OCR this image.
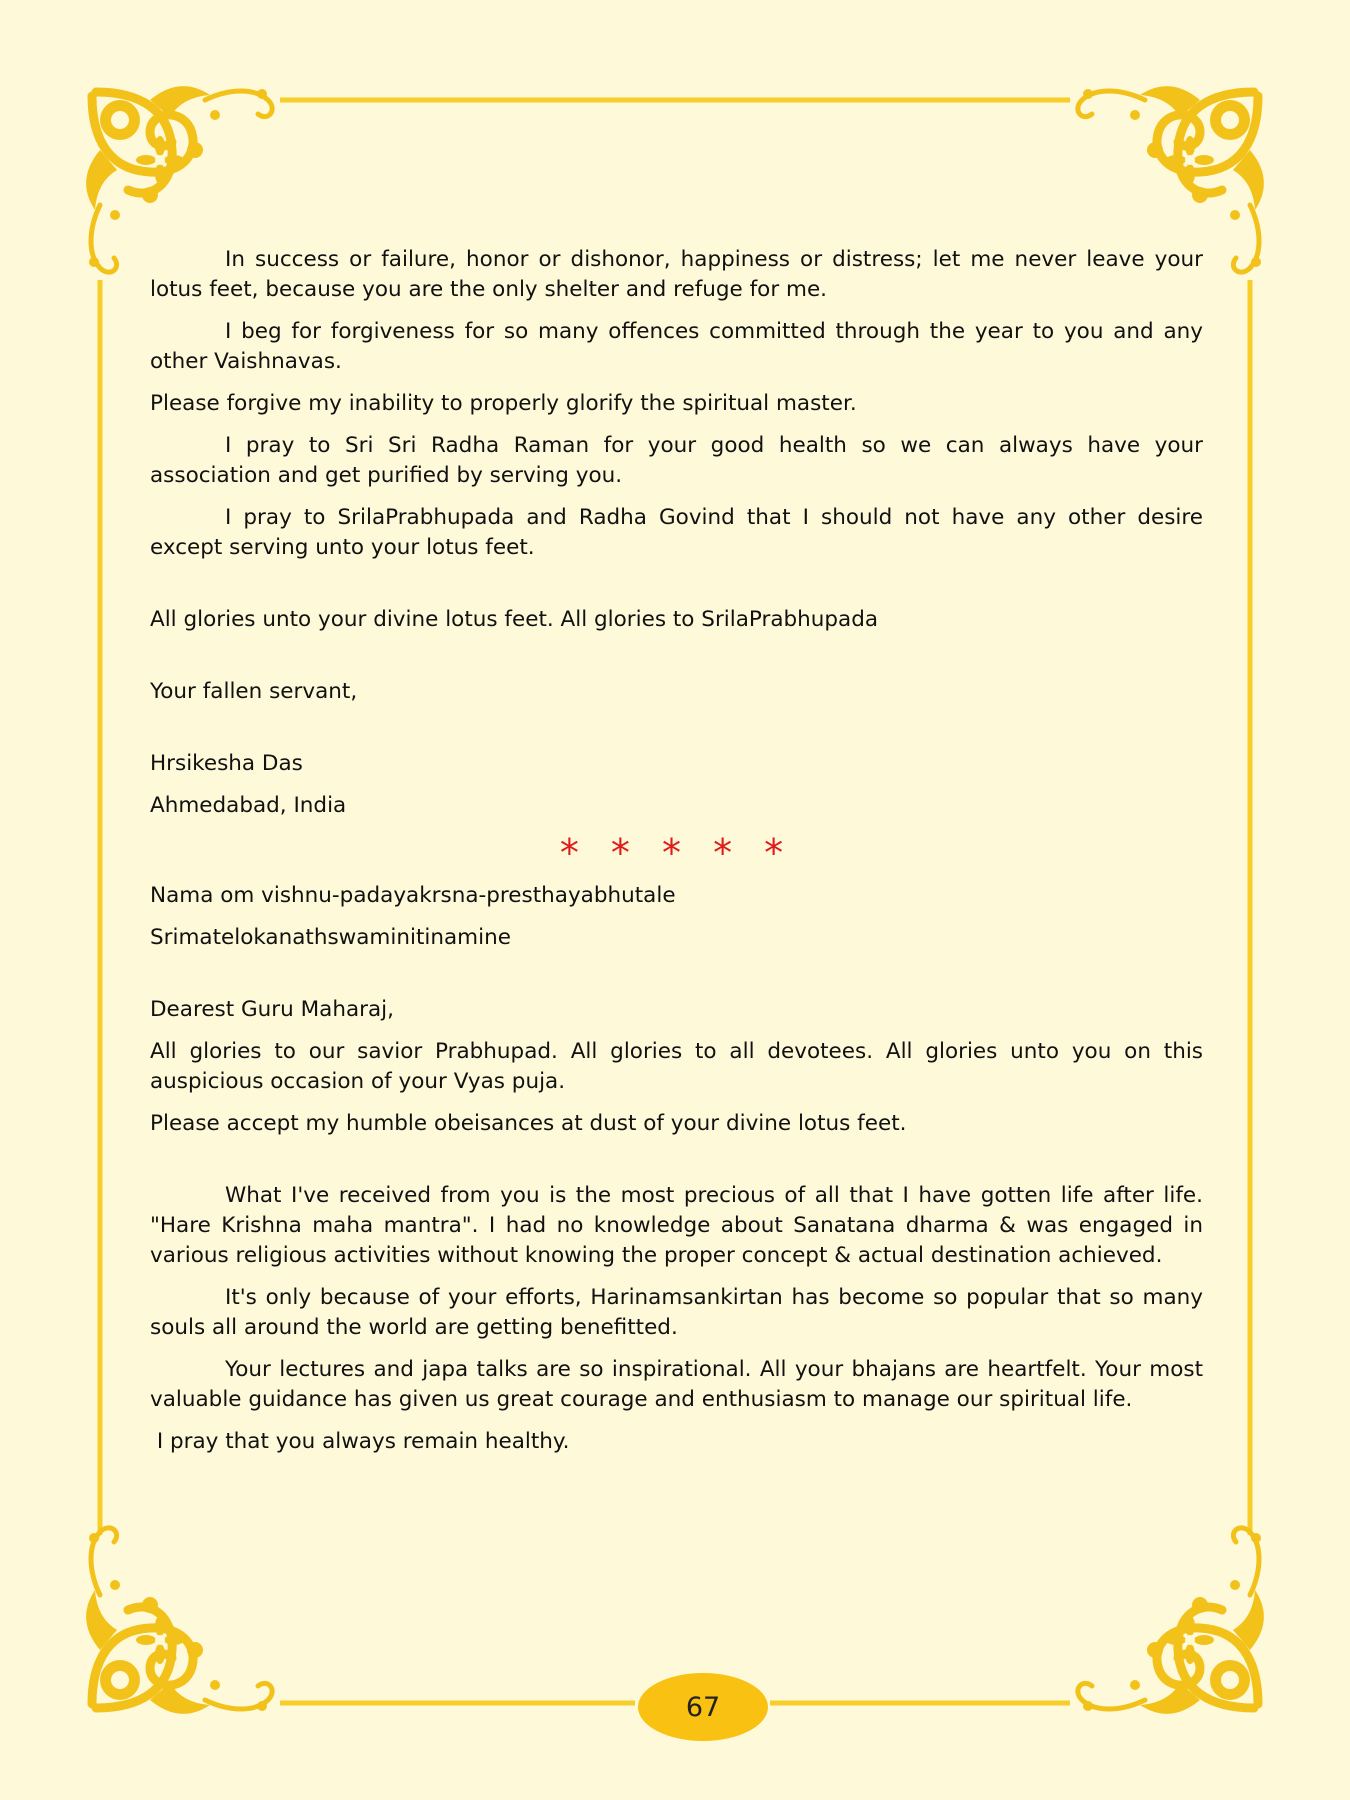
In success or failure, honor or dishonor, happiness or distress; let me never leave your lotus feet, because you are the only shelter and refuge for me.

I beg for forgiveness for so many offences committed through the year to you and any other Vaishnavas.

Please forgive my inability to properly glorify the spiritual master.

I pray to Sri Sri Radha Raman for your good health so we can always have your association and get purified by serving you.

I pray to SrilaPrabhupada and Radha Govind that I should not have any other desire except serving unto your lotus feet.

All glories unto your divine lotus feet. All glories to SrilaPrabhupada

Your fallen servant,

Hrsikesha Das

Ahmedabad, India

* * * * *

Nama om vishnu-padayakrsna-presthayabhutale

Srimatelokanathswaminitinamine

Dearest Guru Maharaj,

All glories to our savior Prabhupad. All glories to all devotees. All glories unto you on this auspicious occasion of your Vyas puja.

Please accept my humble obeisances at dust of your divine lotus feet.

What I've received from you is the most precious of all that I have gotten life after life. "Hare Krishna maha mantra". I had no knowledge about Sanatana dharma & was engaged in various religious activities without knowing the proper concept & actual destination achieved.

It's only because of your efforts, Harinamsankirtan has become so popular that so many souls all around the world are getting benefitted.

Your lectures and japa talks are so inspirational. All your bhajans are heartfelt. Your most valuable guidance has given us great courage and enthusiasm to manage our spiritual life.

I pray that you always remain healthy.

67
